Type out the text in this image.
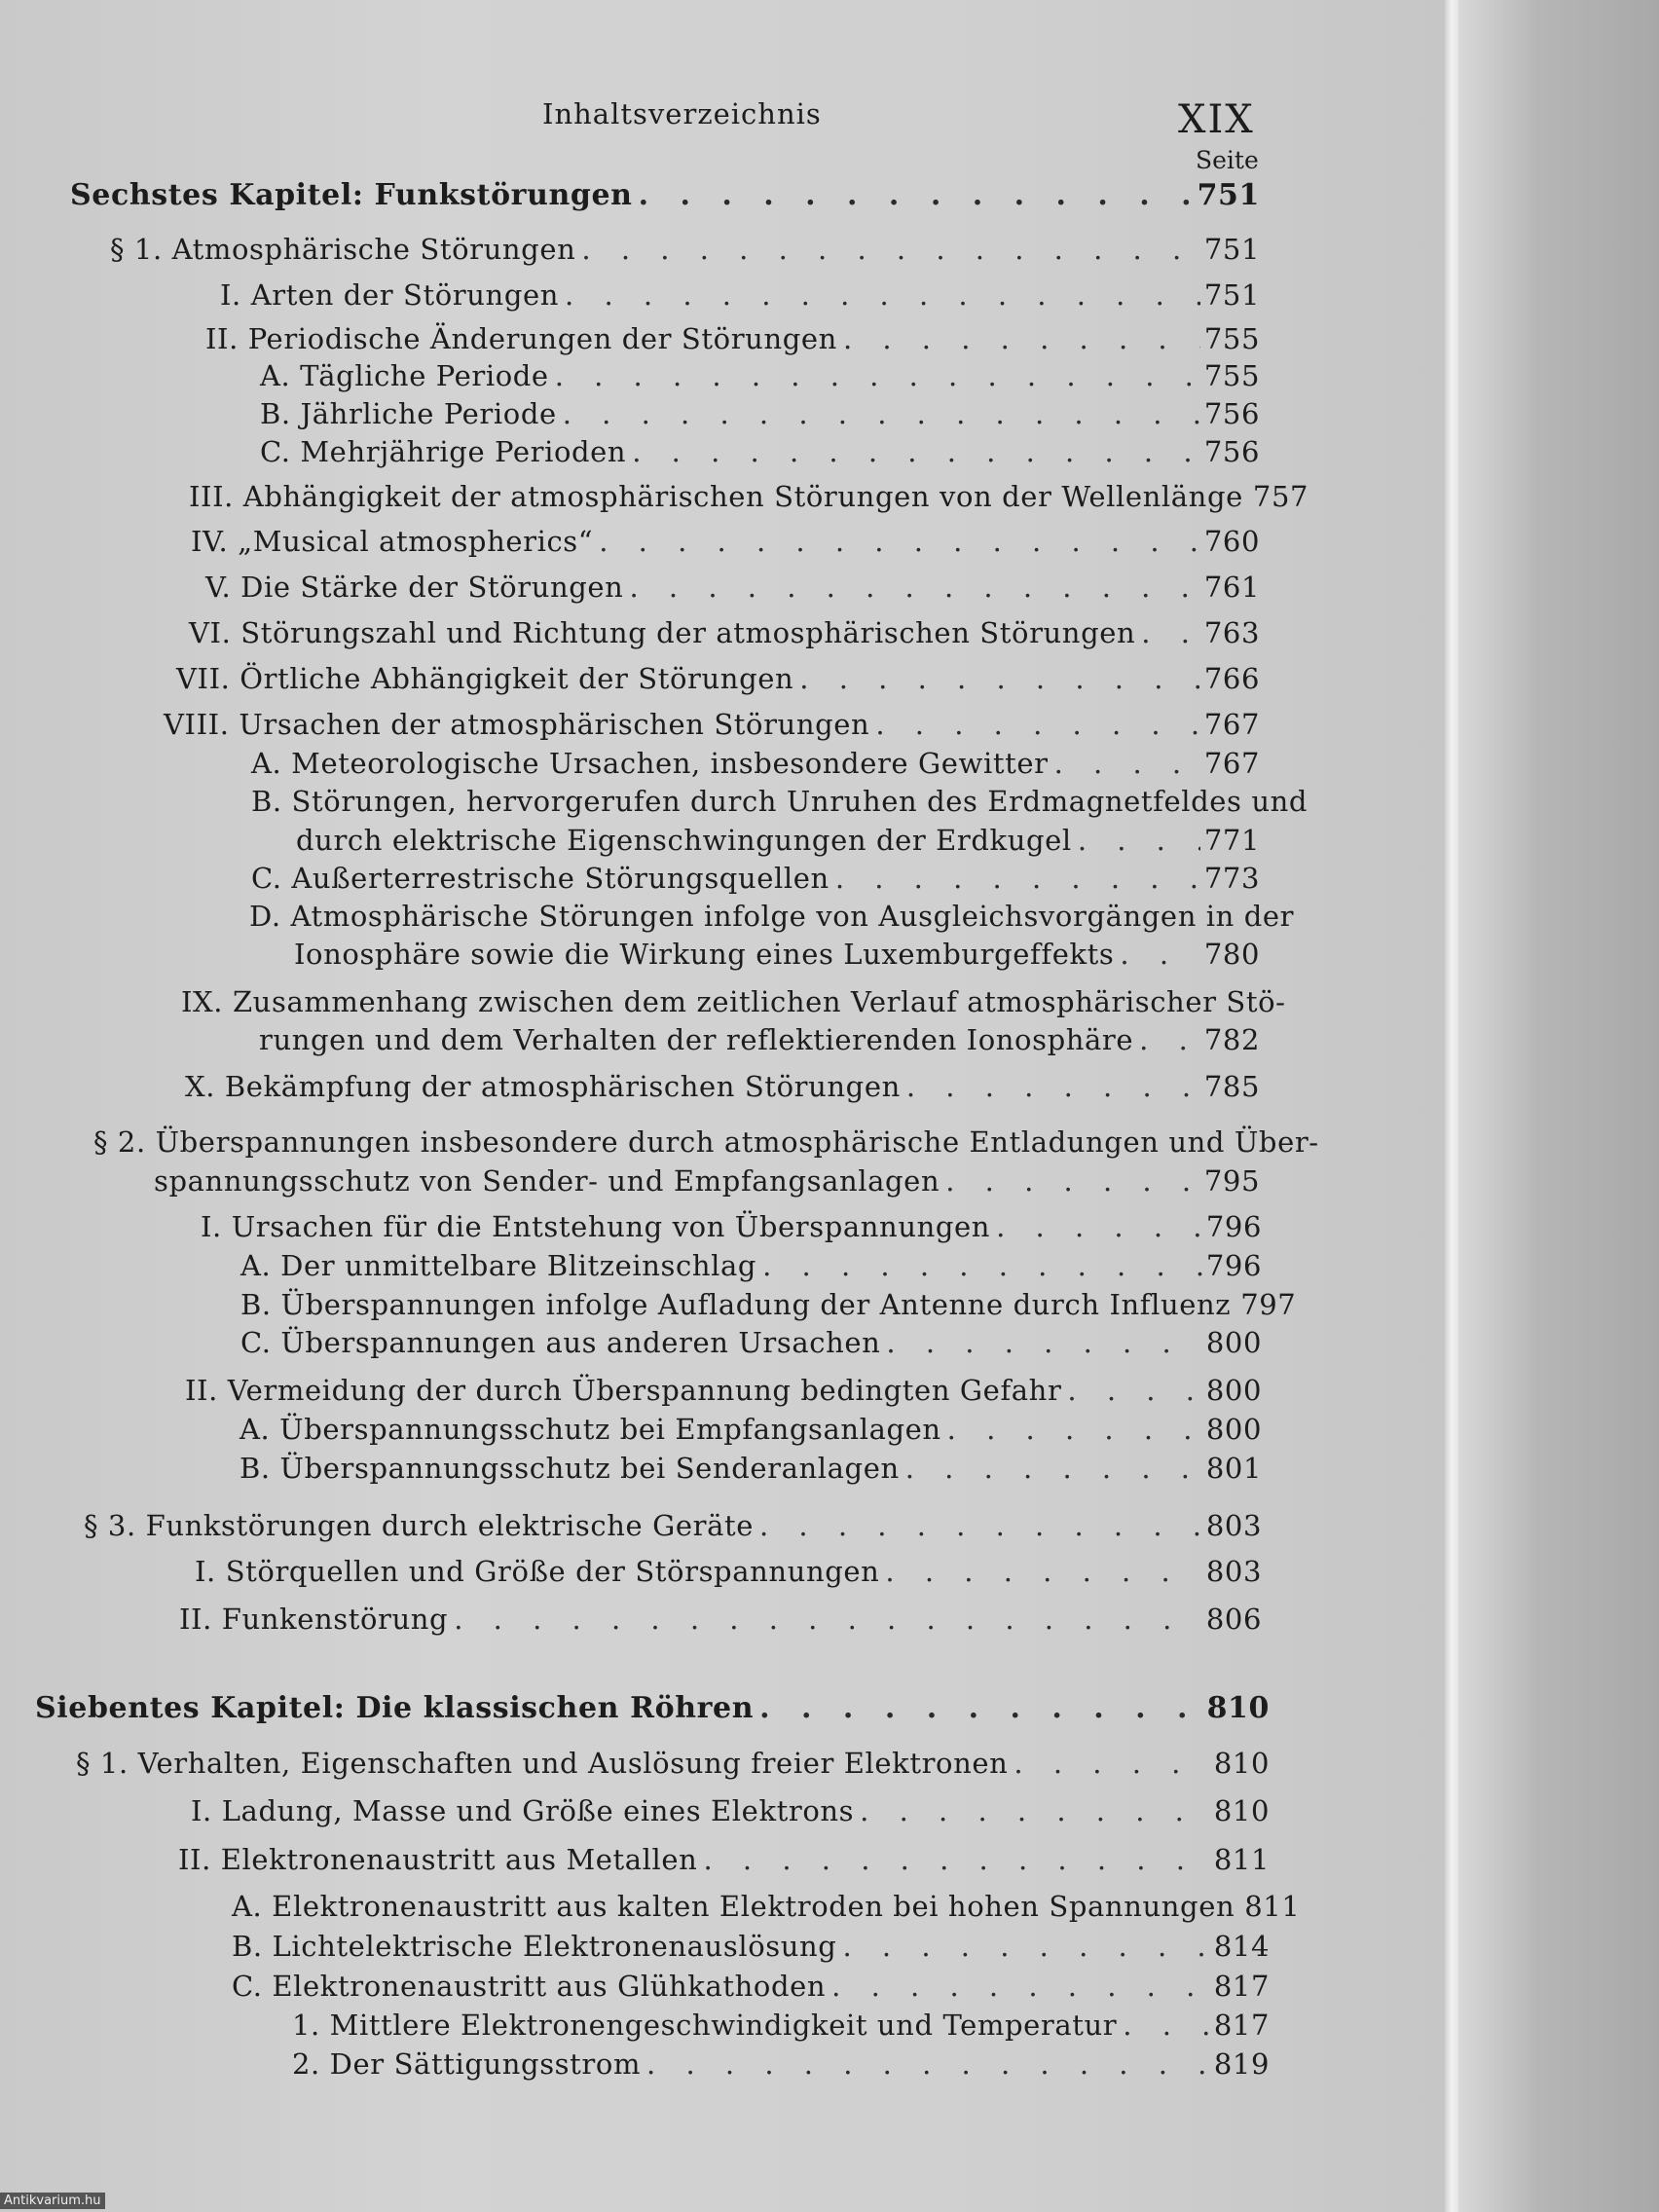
Inhaltsverzeichnis	XIX
Seite
Sechstes Kapitel: Funkstörungen . . .	751
§ 1. Atmosphärische Störungen . . .	751
I. Arten der Störungen . . .	751
II. Periodische Änderungen der Störungen . . .	755
A. Tägliche Periode . . .	755
B. Jährliche Periode . . .	756
C. Mehrjährige Perioden . . .	756
III. Abhängigkeit der atmosphärischen Störungen von der Wellenlänge 757
IV. „Musical atmospherics“ . . .	760
V. Die Stärke der Störungen . . .	761
VI. Störungszahl und Richtung der atmosphärischen Störungen . . . 763
VII. Örtliche Abhängigkeit der Störungen . . .	766
VIII. Ursachen der atmosphärischen Störungen . . .	767
A. Meteorologische Ursachen, insbesondere Gewitter . . .	767
B. Störungen, hervorgerufen durch Unruhen des Erdmagnetfeldes und
durch elektrische Eigenschwingungen der Erdkugel . . .	771
C. Außerterrestrische Störungsquellen . . .	773
D. Atmosphärische Störungen infolge von Ausgleichsvorgängen in der
Ionosphäre sowie die Wirkung eines Luxemburgeffekts . . .	780
IX. Zusammenhang zwischen dem zeitlichen Verlauf atmosphärischer Stö-
rungen und dem Verhalten der reflektierenden Ionosphäre . . .	782
X. Bekämpfung der atmosphärischen Störungen . . .	785
§ 2. Überspannungen insbesondere durch atmosphärische Entladungen und Über-
spannungsschutz von Sender- und Empfangsanlagen . . .	795
I. Ursachen für die Entstehung von Überspannungen . . .	796
A. Der unmittelbare Blitzeinschlag . . .	796
B. Überspannungen infolge Aufladung der Antenne durch Influenz 797
C. Überspannungen aus anderen Ursachen . . .	800
II. Vermeidung der durch Überspannung bedingten Gefahr . . .	800
A. Überspannungsschutz bei Empfangsanlagen . . .	800
B. Überspannungsschutz bei Senderanlagen . . .	801
§ 3. Funkstörungen durch elektrische Geräte . . .	803
I. Störquellen und Größe der Störspannungen . . .	803
II. Funkenstörung . . .	806
Siebentes Kapitel: Die klassischen Röhren . . .	810
§ 1. Verhalten, Eigenschaften und Auslösung freier Elektronen . . .	810
I. Ladung, Masse und Größe eines Elektrons . . .	810
II. Elektronenaustritt aus Metallen . . .	811
A. Elektronenaustritt aus kalten Elektroden bei hohen Spannungen 811
B. Lichtelektrische Elektronenauslösung . . .	814
C. Elektronenaustritt aus Glühkathoden . . .	817
1. Mittlere Elektronengeschwindigkeit und Temperatur . . .	817
2. Der Sättigungsstrom . . .	819
Antikvarium.hu
